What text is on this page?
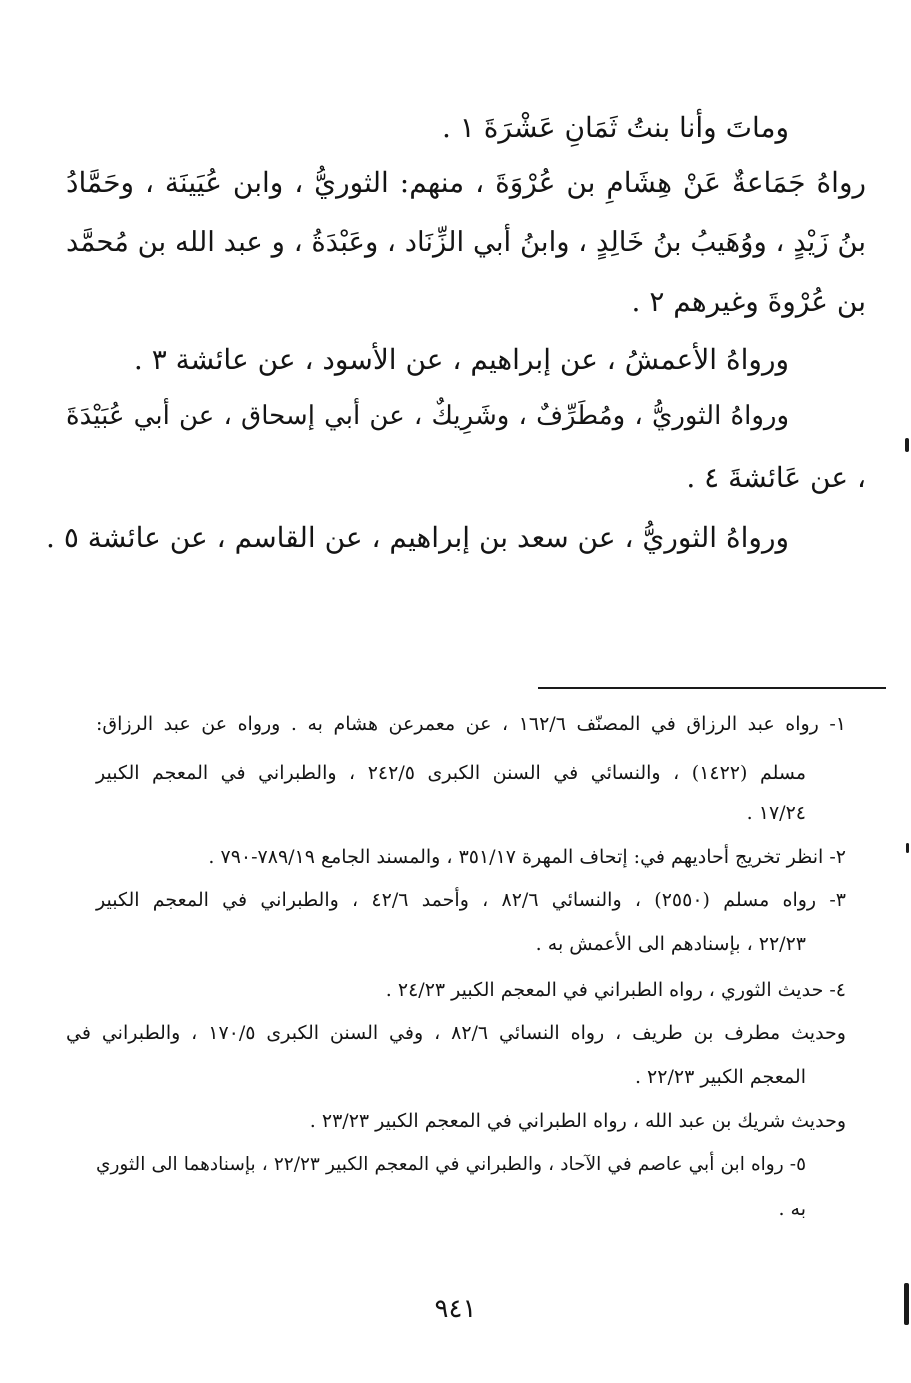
وماتَ وأنا بنتُ ثَمَانِ عَشْرَةَ ١ .
رواهُ جَمَاعةٌ عَنْ هِشَامِ بن عُرْوَةَ ، منهم: الثوريُّ ، وابن عُيَينَة ، وحَمَّادُ
بنُ زَيْدٍ ، ووُهَيبُ بنُ خَالِدٍ ، وابنُ أبي الزِّنَاد ، وعَبْدَةُ ، و عبد الله بن مُحمَّد
بن عُرْوةَ وغيرهم ٢ .
ورواهُ الأعمشُ ، عن إبراهيم ، عن الأسود ، عن عائشة ٣ .
ورواهُ الثوريُّ ، ومُطَرِّفٌ ، وشَرِيكٌ ، عن أبي إسحاق ، عن أبي عُبَيْدَةَ
، عن عَائشةَ ٤ .
ورواهُ الثوريُّ ، عن سعد بن إبراهيم ، عن القاسم ، عن عائشة ٥ .
١- رواه عبد الرزاق في المصنّف ١٦٢/٦ ، عن معمرعن هشام به . ورواه عن عبد الرزاق:
مسلم (١٤٢٢) ، والنسائي في السنن الكبرى ٢٤٢/٥ ، والطبراني في المعجم الكبير
١٧/٢٤ .
٢- انظر تخريج أحاديهم في: إتحاف المهرة ٣٥١/١٧ ، والمسند الجامع ٧٨٩/١٩-٧٩٠ .
٣- رواه مسلم (٢٥٥٠) ، والنسائي ٨٢/٦ ، وأحمد ٤٢/٦ ، والطبراني في المعجم الكبير
٢٢/٢٣ ، بإسنادهم الى الأعمش به .
٤- حديث الثوري ، رواه الطبراني في المعجم الكبير ٢٤/٢٣ .
وحديث مطرف بن طريف ، رواه النسائي ٨٢/٦ ، وفي السنن الكبرى ١٧٠/٥ ، والطبراني في
المعجم الكبير ٢٢/٢٣ .
وحديث شريك بن عبد الله ، رواه الطبراني في المعجم الكبير ٢٣/٢٣ .
٥- رواه ابن أبي عاصم في الآحاد ، والطبراني في المعجم الكبير ٢٢/٢٣ ، بإسنادهما الى الثوري
به .
٩٤١
